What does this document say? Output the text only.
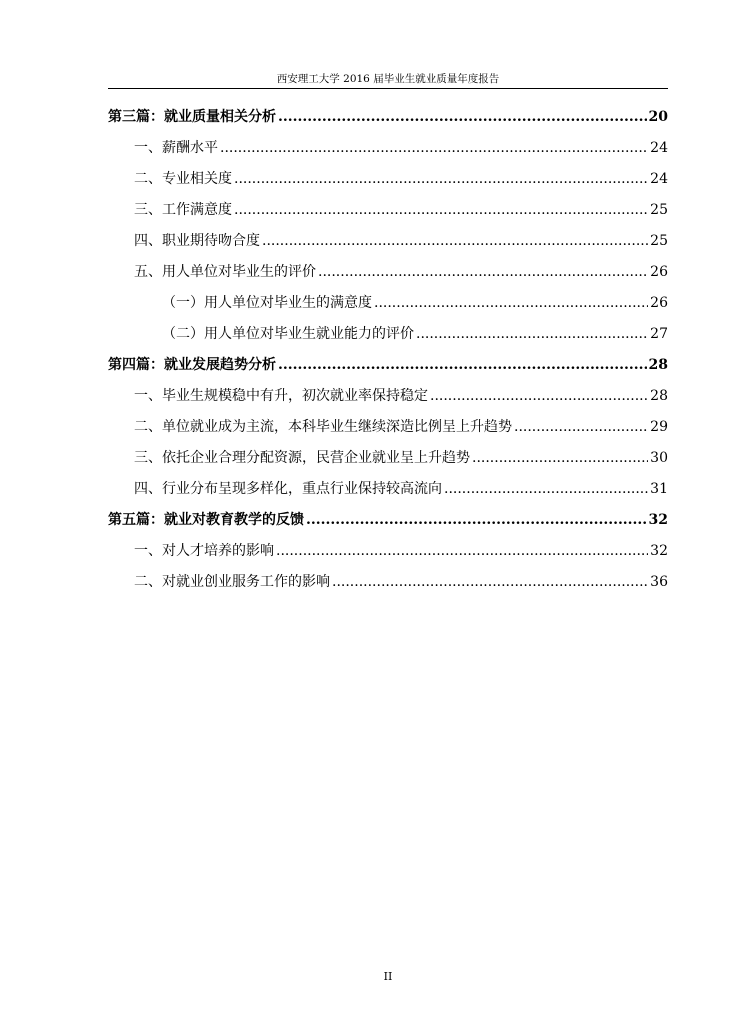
西安理工大学 2016 届毕业生就业质量年度报告
第三篇：就业质量相关分析 .....	20
一、薪酬水平 .....	24
二、专业相关度 .....	24
三、工作满意度 .....	25
四、职业期待吻合度 .....	25
五、用人单位对毕业生的评价 .....	26
（一）用人单位对毕业生的满意度 .....	26
（二）用人单位对毕业生就业能力的评价 .....	27
第四篇：就业发展趋势分析 .....	28
一、毕业生规模稳中有升，初次就业率保持稳定 .....	28
二、单位就业成为主流，本科毕业生继续深造比例呈上升趋势 .....	29
三、依托企业合理分配资源，民营企业就业呈上升趋势 .....	30
四、行业分布呈现多样化，重点行业保持较高流向 .....	31
第五篇：就业对教育教学的反馈 .....	32
一、对人才培养的影响 .....	32
二、对就业创业服务工作的影响 .....	36
II
